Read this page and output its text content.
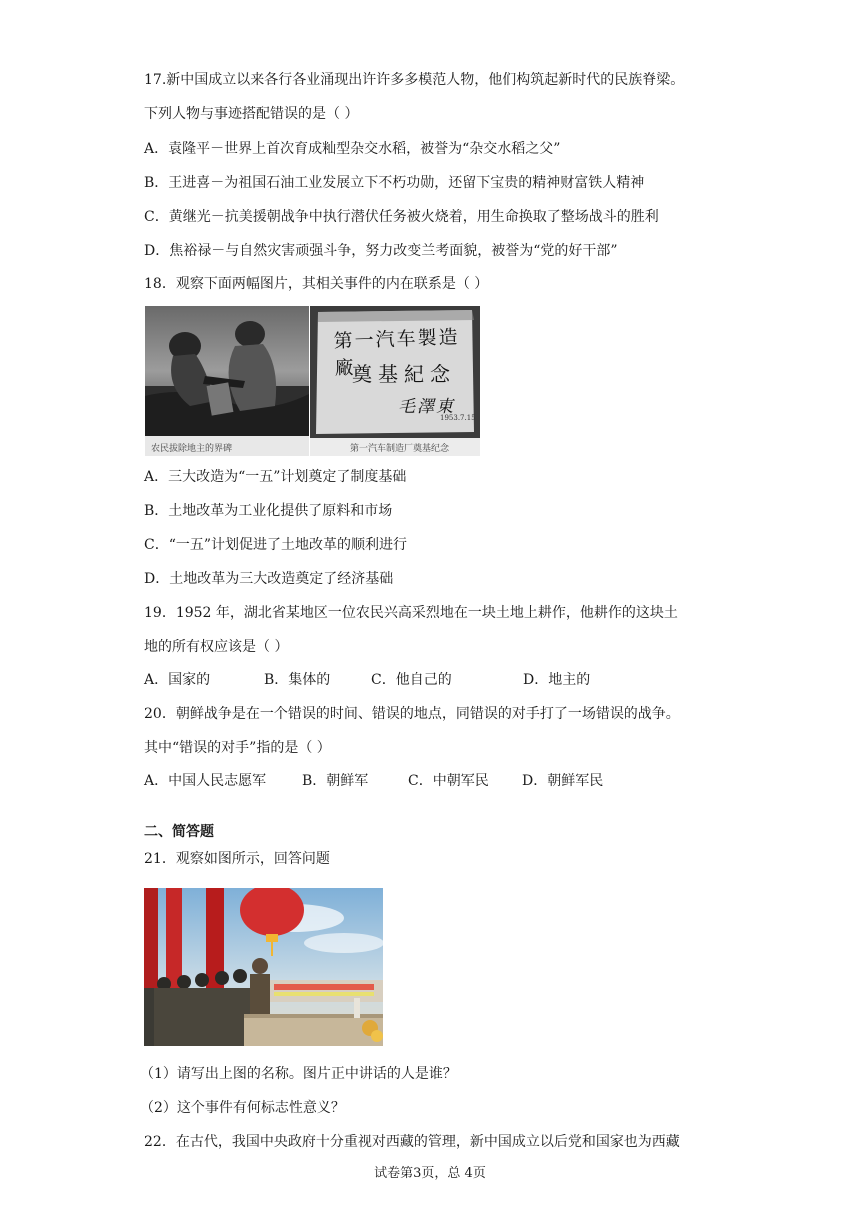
17.新中国成立以来各行各业涌现出许许多多模范人物，他们构筑起新时代的民族脊梁。
下列人物与事迹搭配错误的是（ ）
A．袁隆平－世界上首次育成籼型杂交水稻，被誉为“杂交水稻之父”
B．王进喜－为祖国石油工业发展立下不朽功勋，还留下宝贵的精神财富铁人精神
C．黄继光－抗美援朝战争中执行潜伏任务被火烧着，用生命换取了整场战斗的胜利
D．焦裕禄－与自然灾害顽强斗争，努力改变兰考面貌，被誉为“党的好干部”
18．观察下面两幅图片，其相关事件的内在联系是（ ）
农民拔除地主的界碑
第一汽车製造廠
奠基紀念
毛澤東
1953.7.15
第一汽车制造厂奠基纪念
A．三大改造为“一五”计划奠定了制度基础
B．土地改革为工业化提供了原料和市场
C．“一五”计划促进了土地改革的顺利进行
D．土地改革为三大改造奠定了经济基础
19．1952 年，湖北省某地区一位农民兴高采烈地在一块土地上耕作，他耕作的这块土
地的所有权应该是（ ）
A．国家的	B．集体的	C．他自己的	D．地主的
20．朝鲜战争是在一个错误的时间、错误的地点，同错误的对手打了一场错误的战争。
其中“错误的对手”指的是（ ）
A．中国人民志愿军	B．朝鲜军	C．中朝军民	D．朝鲜军民
二、简答题
21．观察如图所示，回答问题
（1）请写出上图的名称。图片正中讲话的人是谁？
（2）这个事件有何标志性意义？
22．在古代，我国中央政府十分重视对西藏的管理，新中国成立以后党和国家也为西藏
试卷第3页，总 4页
